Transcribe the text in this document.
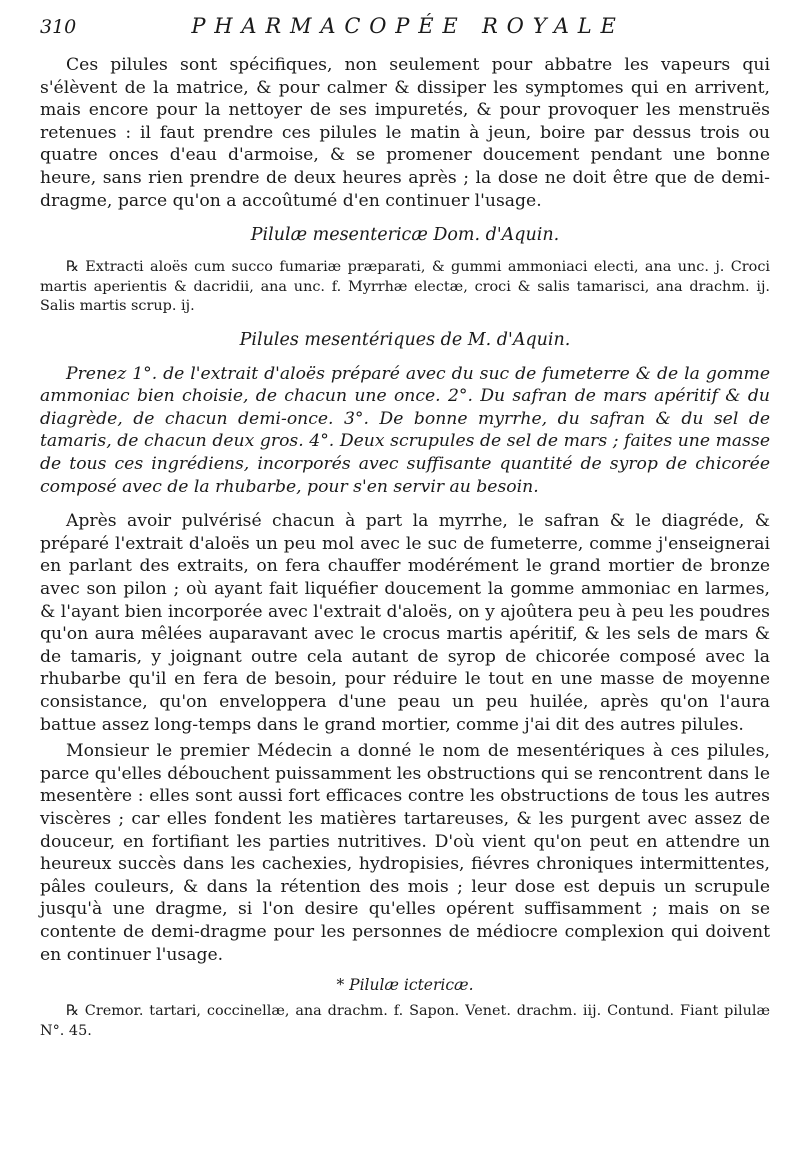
310	PHARMACOPÉE ROYALE

Ces pilules sont spécifiques, non seulement pour abbatre les vapeurs qui s'élèvent de la matrice, & pour calmer & dissiper les symptomes qui en arrivent, mais encore pour la nettoyer de ses impuretés, & pour provoquer les menstruës retenues : il faut prendre ces pilules le matin à jeun, boire par dessus trois ou quatre onces d'eau d'armoise, & se promener doucement pendant une bonne heure, sans rien prendre de deux heures après ; la dose ne doit être que de demi-dragme, parce qu'on a accoûtumé d'en continuer l'usage.

Pilulæ mesentericæ Dom. d'Aquin.

℞ Extracti aloës cum succo fumariæ præparati, & gummi ammoniaci electi, ana unc. j. Croci martis aperientis & dacridii, ana unc. f. Myrrhæ electæ, croci & salis tamarisci, ana drachm. ij. Salis martis scrup. ij.

Pilules mesentériques de M. d'Aquin.

Prenez 1°. de l'extrait d'aloës préparé avec du suc de fumeterre & de la gomme ammoniac bien choisie, de chacun une once. 2°. Du safran de mars apéritif & du diagrède, de chacun demi-once. 3°. De bonne myrrhe, du safran & du sel de tamaris, de chacun deux gros. 4°. Deux scrupules de sel de mars ; faites une masse de tous ces ingrédiens, incorporés avec suffisante quantité de syrop de chicorée composé avec de la rhubarbe, pour s'en servir au besoin.

Après avoir pulvérisé chacun à part la myrrhe, le safran & le diagréde, & préparé l'extrait d'aloës un peu mol avec le suc de fumeterre, comme j'enseignerai en parlant des extraits, on fera chauffer modérément le grand mortier de bronze avec son pilon ; où ayant fait liquéfier doucement la gomme ammoniac en larmes, & l'ayant bien incorporée avec l'extrait d'aloës, on y ajoûtera peu à peu les poudres qu'on aura mêlées auparavant avec le crocus martis apéritif, & les sels de mars & de tamaris, y joignant outre cela autant de syrop de chicorée composé avec la rhubarbe qu'il en fera de besoin, pour réduire le tout en une masse de moyenne consistance, qu'on enveloppera d'une peau un peu huilée, après qu'on l'aura battue assez long-temps dans le grand mortier, comme j'ai dit des autres pilules.

Monsieur le premier Médecin a donné le nom de mesentériques à ces pilules, parce qu'elles débouchent puissamment les obstructions qui se rencontrent dans le mesentère : elles sont aussi fort efficaces contre les obstructions de tous les autres viscères ; car elles fondent les matières tartareuses, & les purgent avec assez de douceur, en fortifiant les parties nutritives. D'où vient qu'on peut en attendre un heureux succès dans les cachexies, hydropisies, fiévres chroniques intermittentes, pâles couleurs, & dans la rétention des mois ; leur dose est depuis un scrupule jusqu'à une dragme, si l'on desire qu'elles opérent suffisamment ; mais on se contente de demi-dragme pour les personnes de médiocre complexion qui doivent en continuer l'usage.

* Pilulæ ictericæ.

℞ Cremor. tartari, coccinellæ, ana drachm. f. Sapon. Venet. drachm. iij. Contund. Fiant pilulæ N°. 45.
